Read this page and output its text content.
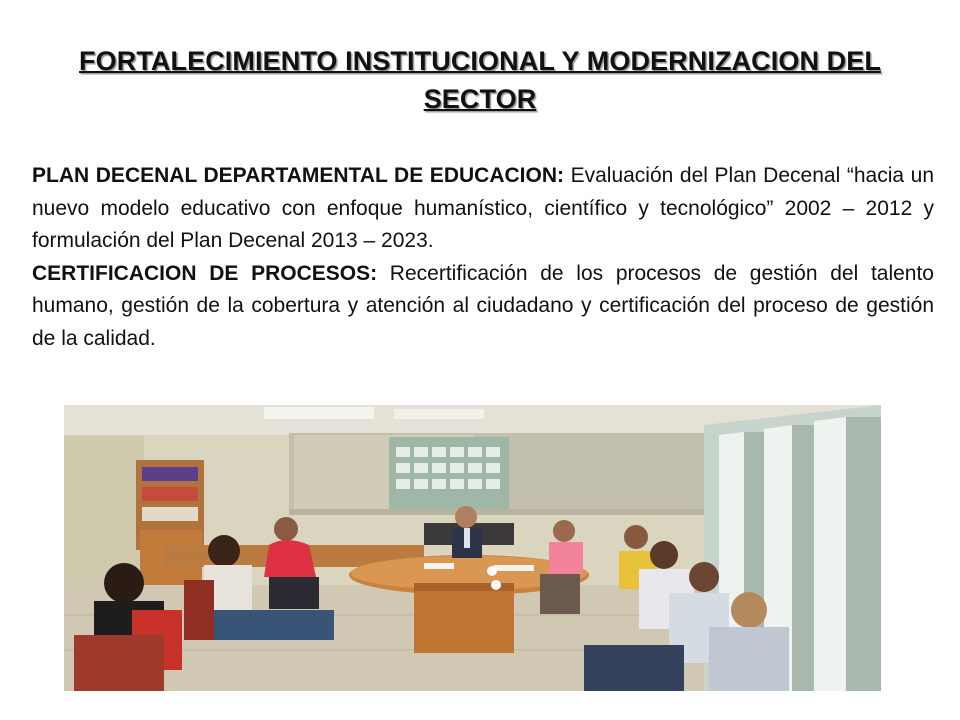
FORTALECIMIENTO INSTITUCIONAL Y MODERNIZACION DEL SECTOR

PLAN DECENAL DEPARTAMENTAL DE EDUCACION: Evaluación del Plan Decenal “hacia un nuevo modelo educativo con enfoque humanístico, científico y tecnológico” 2002 – 2012 y formulación del Plan Decenal 2013 – 2023.

CERTIFICACION DE PROCESOS: Recertificación de los procesos de gestión del talento humano, gestión de la cobertura y atención al ciudadano y certificación del proceso de gestión de la calidad.
